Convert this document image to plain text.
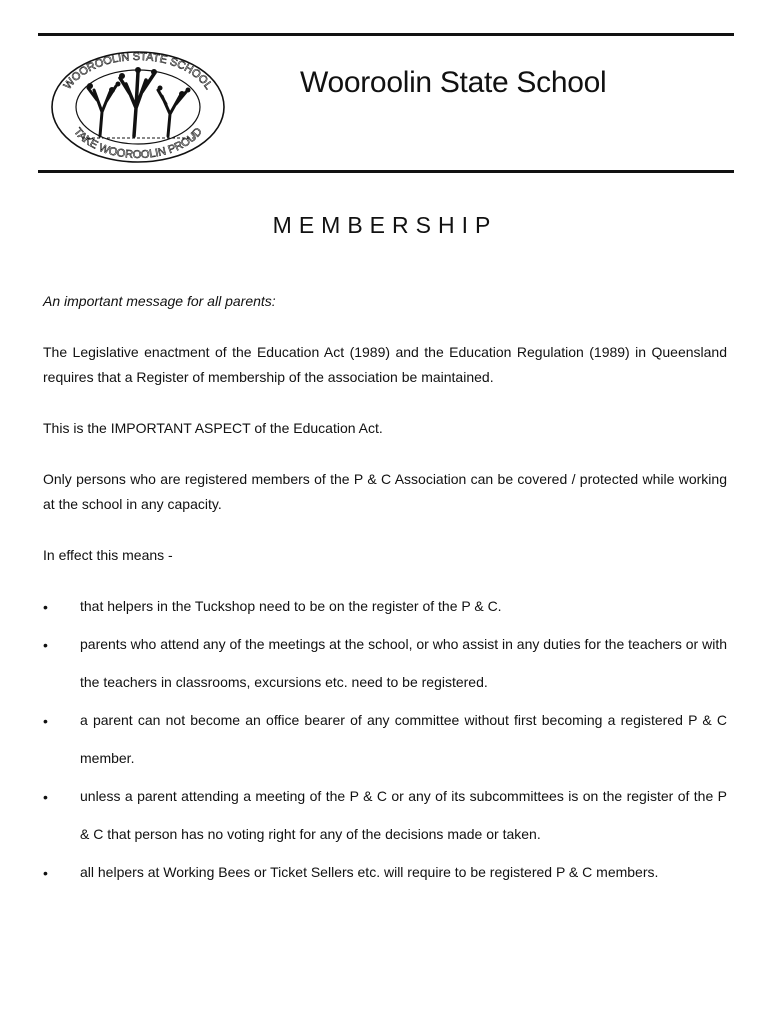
WOOROOLIN STATE SCHOOL
TAKE WOOROOLIN PROUD
Wooroolin State School
MEMBERSHIP
An important message for all parents:
The Legislative enactment of the Education Act (1989) and the Education Regulation (1989) in Queensland requires that a Register of membership of the association be maintained.
This is the IMPORTANT ASPECT of the Education Act.
Only persons who are registered members of the P & C Association can be covered / protected while working at the school in any capacity.
In effect this means -
•	that helpers in the Tuckshop need to be on the register of the P & C.
•	parents who attend any of the meetings at the school, or who assist in any duties for the teachers or with the teachers in classrooms, excursions etc. need to be registered.
•	a parent can not become an office bearer of any committee without first becoming a registered P & C member.
•	unless a parent attending a meeting of the P & C or any of its subcommittees is on the register of the P & C that person has no voting right for any of the decisions made or taken.
•	all helpers at Working Bees or Ticket Sellers etc. will require to be registered P & C members.
